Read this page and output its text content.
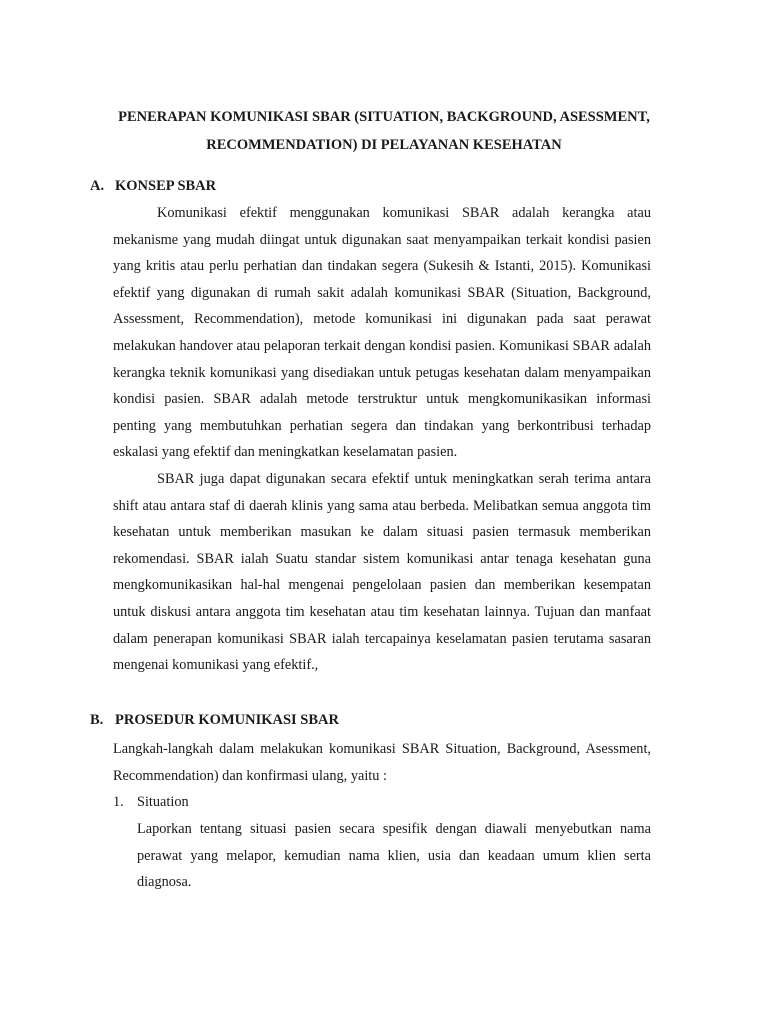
PENERAPAN KOMUNIKASI SBAR (SITUATION, BACKGROUND, ASESSMENT,
RECOMMENDATION) DI PELAYANAN KESEHATAN
A. KONSEP SBAR

Komunikasi efektif menggunakan komunikasi SBAR adalah kerangka atau mekanisme yang mudah diingat untuk digunakan saat menyampaikan terkait kondisi pasien yang kritis atau perlu perhatian dan tindakan segera (Sukesih & Istanti, 2015). Komunikasi efektif yang digunakan di rumah sakit adalah komunikasi SBAR (Situation, Background, Assessment, Recommendation), metode komunikasi ini digunakan pada saat perawat melakukan handover atau pelaporan terkait dengan kondisi pasien. Komunikasi SBAR adalah kerangka teknik komunikasi yang disediakan untuk petugas kesehatan dalam menyampaikan kondisi pasien. SBAR adalah metode terstruktur untuk mengkomunikasikan informasi penting yang membutuhkan perhatian segera dan tindakan yang berkontribusi terhadap eskalasi yang efektif dan meningkatkan keselamatan pasien.

SBAR juga dapat digunakan secara efektif untuk meningkatkan serah terima antara shift atau antara staf di daerah klinis yang sama atau berbeda. Melibatkan semua anggota tim kesehatan untuk memberikan masukan ke dalam situasi pasien termasuk memberikan rekomendasi. SBAR ialah Suatu standar sistem komunikasi antar tenaga kesehatan guna mengkomunikasikan hal-hal mengenai pengelolaan pasien dan memberikan kesempatan untuk diskusi antara anggota tim kesehatan atau tim kesehatan lainnya. Tujuan dan manfaat dalam penerapan komunikasi SBAR ialah tercapainya keselamatan pasien terutama sasaran mengenai komunikasi yang efektif.,

B. PROSEDUR KOMUNIKASI SBAR

Langkah-langkah dalam melakukan komunikasi SBAR Situation, Background, Asessment, Recommendation) dan konfirmasi ulang, yaitu :

1. Situation

Laporkan tentang situasi pasien secara spesifik dengan diawali menyebutkan nama perawat yang melapor, kemudian nama klien, usia dan keadaan umum klien serta diagnosa.
